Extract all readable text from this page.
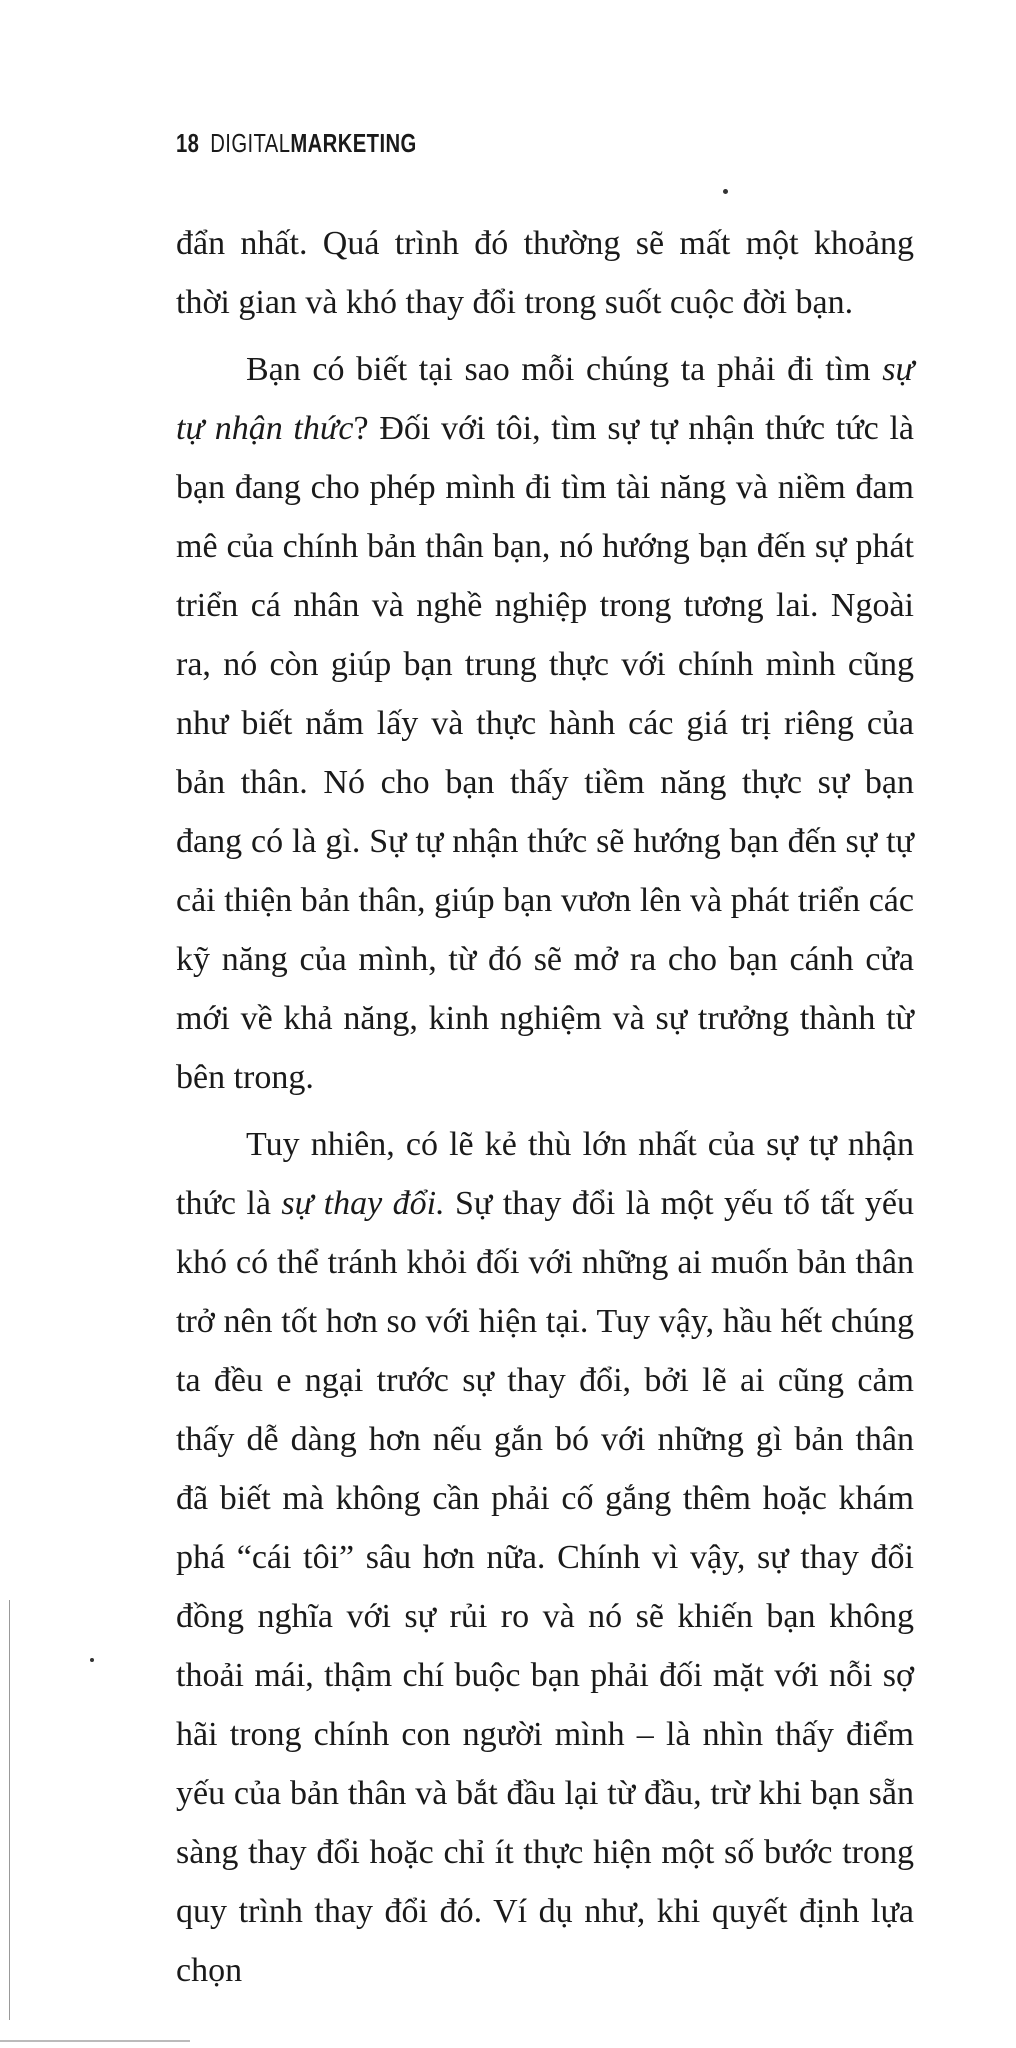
18 DIGITALMARKETING

đẩn nhất. Quá trình đó thường sẽ mất một khoảng thời gian và khó thay đổi trong suốt cuộc đời bạn.

Bạn có biết tại sao mỗi chúng ta phải đi tìm sự tự nhận thức? Đối với tôi, tìm sự tự nhận thức tức là bạn đang cho phép mình đi tìm tài năng và niềm đam mê của chính bản thân bạn, nó hướng bạn đến sự phát triển cá nhân và nghề nghiệp trong tương lai. Ngoài ra, nó còn giúp bạn trung thực với chính mình cũng như biết nắm lấy và thực hành các giá trị riêng của bản thân. Nó cho bạn thấy tiềm năng thực sự bạn đang có là gì. Sự tự nhận thức sẽ hướng bạn đến sự tự cải thiện bản thân, giúp bạn vươn lên và phát triển các kỹ năng của mình, từ đó sẽ mở ra cho bạn cánh cửa mới về khả năng, kinh nghiệm và sự trưởng thành từ bên trong.

Tuy nhiên, có lẽ kẻ thù lớn nhất của sự tự nhận thức là sự thay đổi. Sự thay đổi là một yếu tố tất yếu khó có thể tránh khỏi đối với những ai muốn bản thân trở nên tốt hơn so với hiện tại. Tuy vậy, hầu hết chúng ta đều e ngại trước sự thay đổi, bởi lẽ ai cũng cảm thấy dễ dàng hơn nếu gắn bó với những gì bản thân đã biết mà không cần phải cố gắng thêm hoặc khám phá “cái tôi” sâu hơn nữa. Chính vì vậy, sự thay đổi đồng nghĩa với sự rủi ro và nó sẽ khiến bạn không thoải mái, thậm chí buộc bạn phải đối mặt với nỗi sợ hãi trong chính con người mình – là nhìn thấy điểm yếu của bản thân và bắt đầu lại từ đầu, trừ khi bạn sẵn sàng thay đổi hoặc chỉ ít thực hiện một số bước trong quy trình thay đổi đó. Ví dụ như, khi quyết định lựa chọn
